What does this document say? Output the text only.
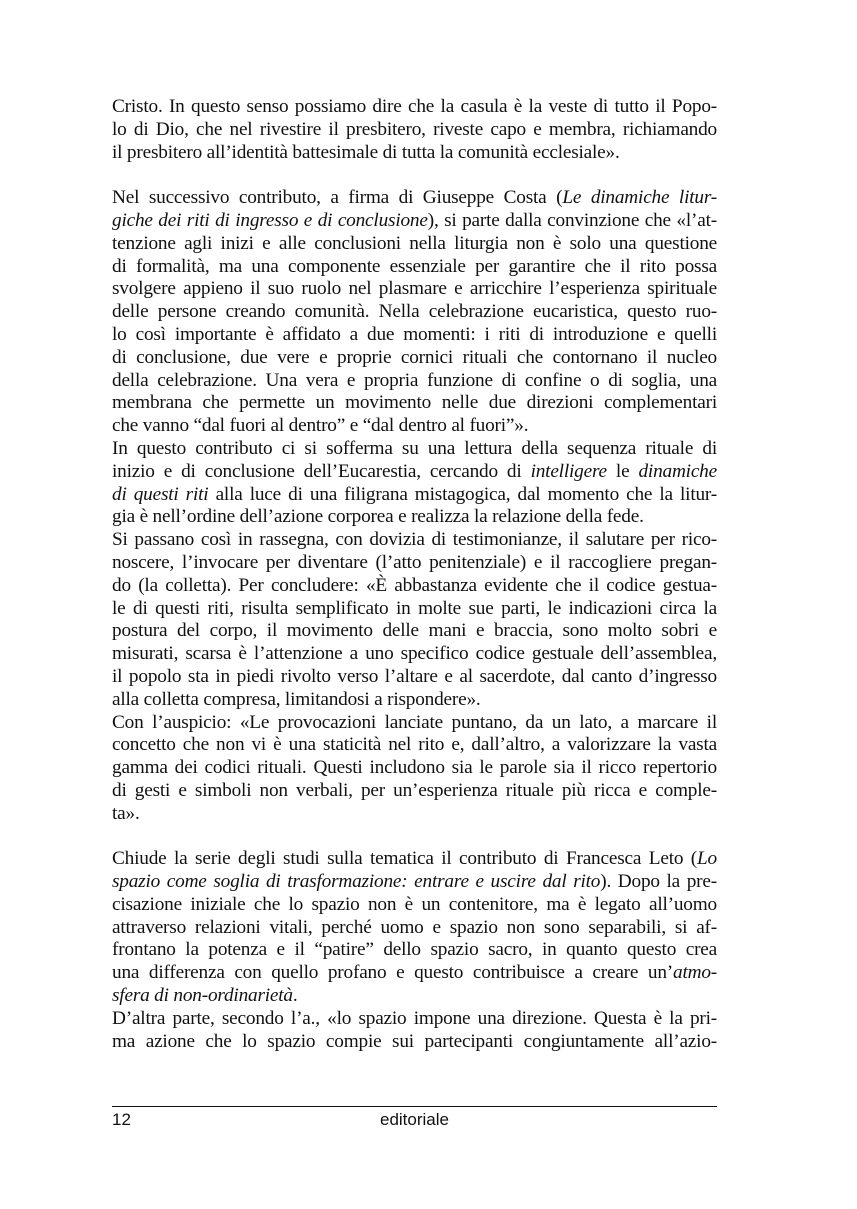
Cristo. In questo senso possiamo dire che la casula è la veste di tutto il Popo-
lo di Dio, che nel rivestire il presbitero, riveste capo e membra, richiamando
il presbitero all’identità battesimale di tutta la comunità ecclesiale».
Nel successivo contributo, a firma di Giuseppe Costa (Le dinamiche litur-
giche dei riti di ingresso e di conclusione), si parte dalla convinzione che «l’at-
tenzione agli inizi e alle conclusioni nella liturgia non è solo una questione
di formalità, ma una componente essenziale per garantire che il rito possa
svolgere appieno il suo ruolo nel plasmare e arricchire l’esperienza spirituale
delle persone creando comunità. Nella celebrazione eucaristica, questo ruo-
lo così importante è affidato a due momenti: i riti di introduzione e quelli
di conclusione, due vere e proprie cornici rituali che contornano il nucleo
della celebrazione. Una vera e propria funzione di confine o di soglia, una
membrana che permette un movimento nelle due direzioni complementari
che vanno “dal fuori al dentro” e “dal dentro al fuori”».
In questo contributo ci si sofferma su una lettura della sequenza rituale di
inizio e di conclusione dell’Eucarestia, cercando di intelligere le dinamiche
di questi riti alla luce di una filigrana mistagogica, dal momento che la litur-
gia è nell’ordine dell’azione corporea e realizza la relazione della fede.
Si passano così in rassegna, con dovizia di testimonianze, il salutare per rico-
noscere, l’invocare per diventare (l’atto penitenziale) e il raccogliere pregan-
do (la colletta). Per concludere: «È abbastanza evidente che il codice gestua-
le di questi riti, risulta semplificato in molte sue parti, le indicazioni circa la
postura del corpo, il movimento delle mani e braccia, sono molto sobri e
misurati, scarsa è l’attenzione a uno specifico codice gestuale dell’assemblea,
il popolo sta in piedi rivolto verso l’altare e al sacerdote, dal canto d’ingresso
alla colletta compresa, limitandosi a rispondere».
Con l’auspicio: «Le provocazioni lanciate puntano, da un lato, a marcare il
concetto che non vi è una staticità nel rito e, dall’altro, a valorizzare la vasta
gamma dei codici rituali. Questi includono sia le parole sia il ricco repertorio
di gesti e simboli non verbali, per un’esperienza rituale più ricca e comple-
ta».
Chiude la serie degli studi sulla tematica il contributo di Francesca Leto (Lo
spazio come soglia di trasformazione: entrare e uscire dal rito). Dopo la pre-
cisazione iniziale che lo spazio non è un contenitore, ma è legato all’uomo
attraverso relazioni vitali, perché uomo e spazio non sono separabili, si af-
frontano la potenza e il “patire” dello spazio sacro, in quanto questo crea
una differenza con quello profano e questo contribuisce a creare un’atmo-
sfera di non-ordinarietà.
D’altra parte, secondo l’a., «lo spazio impone una direzione. Questa è la pri-
ma azione che lo spazio compie sui partecipanti congiuntamente all’azio-
12	editoriale
